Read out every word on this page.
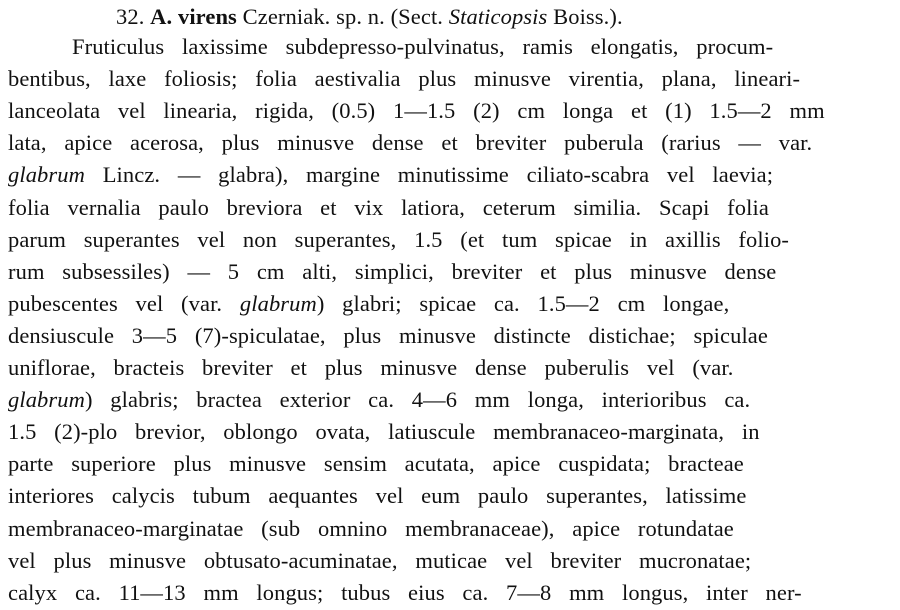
32. A. virens Czerniak. sp. n. (Sect. Staticopsis Boiss.).
Fruticulus laxissime subdepresso-pulvinatus, ramis elongatis, procum-
bentibus, laxe foliosis; folia aestivalia plus minusve virentia, plana, lineari-
lanceolata vel linearia, rigida, (0.5) 1—1.5 (2) cm longa et (1) 1.5—2 mm
lata, apice acerosa, plus minusve dense et breviter puberula (rarius — var.
glabrum Lincz. — glabra), margine minutissime ciliato-scabra vel laevia;
folia vernalia paulo breviora et vix latiora, ceterum similia. Scapi folia
parum superantes vel non superantes, 1.5 (et tum spicae in axillis folio-
rum subsessiles) — 5 cm alti, simplici, breviter et plus minusve dense
pubescentes vel (var. glabrum) glabri; spicae ca. 1.5—2 cm longae,
densiuscule 3—5 (7)-spiculatae, plus minusve distincte distichae; spiculae
uniflorae, bracteis breviter et plus minusve dense puberulis vel (var.
glabrum) glabris; bractea exterior ca. 4—6 mm longa, interioribus ca.
1.5 (2)-plo brevior, oblongo ovata, latiuscule membranaceo-marginata, in
parte superiore plus minusve sensim acutata, apice cuspidata; bracteae
interiores calycis tubum aequantes vel eum paulo superantes, latissime
membranaceo-marginatae (sub omnino membranaceae), apice rotundatae
vel plus minusve obtusato-acuminatae, muticae vel breviter mucronatae;
calyx ca. 11—13 mm longus; tubus eius ca. 7—8 mm longus, inter ner-
